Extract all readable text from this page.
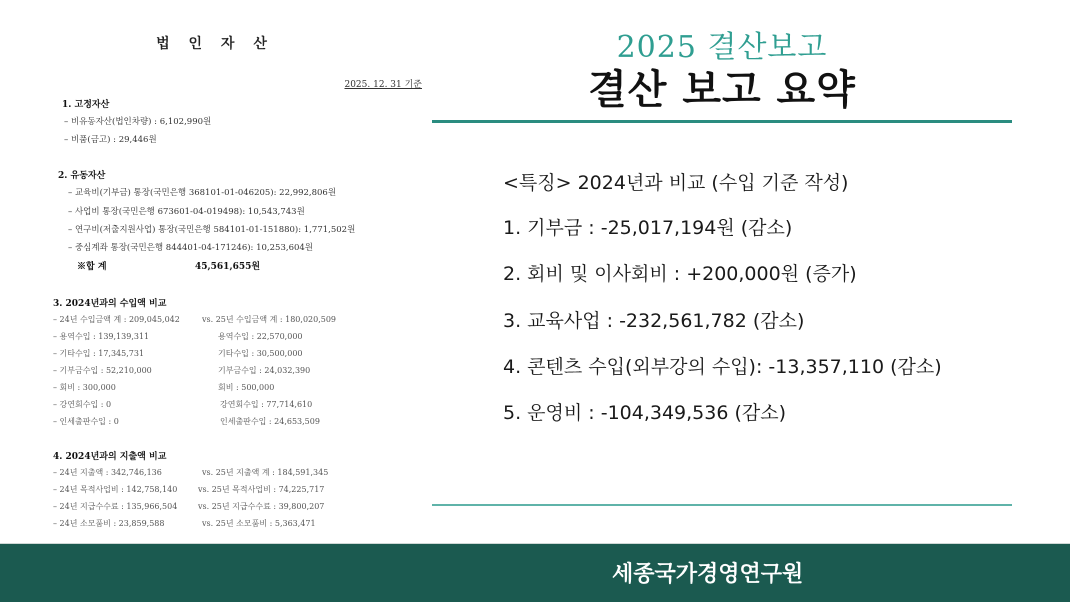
법 인 자 산
2025. 12. 31 기준
1. 고정자산
– 비유동자산(법인차량) : 6,102,990원
– 비품(금고) : 29,446원
2. 유동자산
– 교육비(기부금) 통장(국민은행 368101-01-046205): 22,992,806원
– 사업비 통장(국민은행 673601-04-019498): 10,543,743원
– 연구비(저출지원사업) 통장(국민은행 584101-01-151880): 1,771,502원
– 중심계좌 통장(국민은행 844401-04-171246): 10,253,604원
※합 계	45,561,655원
3. 2024년과의 수입액 비교
– 24년 수입금액 계 : 209,045,042	vs. 25년 수입금액 계 : 180,020,509
– 용역수입 : 139,139,311	용역수입 : 22,570,000
– 기타수입 : 17,345,731	기타수입 : 30,500,000
– 기부금수입 : 52,210,000	기부금수입 : 24,032,390
– 회비 : 300,000	회비 : 500,000
– 강연회수입 : 0	강연회수입 : 77,714,610
– 인세출판수입 : 0	인세출판수입 : 24,653,509
4. 2024년과의 지출액 비교
– 24년 지출액 : 342,746,136	vs. 25년 지출액 계 : 184,591,345
– 24년 목적사업비 : 142,758,140	vs. 25년 목적사업비 : 74,225,717
– 24년 지급수수료 : 135,966,504	vs. 25년 지급수수료 : 39,800,207
– 24년 소모품비 : 23,859,588	vs. 25년 소모품비 : 5,363,471
2025 결산보고
결산 보고 요약
<특징> 2024년과 비교 (수입 기준 작성)
1. 기부금 : -25,017,194원 (감소)
2. 회비 및 이사회비 : +200,000원 (증가)
3. 교육사업 : -232,561,782 (감소)
4. 콘텐츠 수입(외부강의 수입): -13,357,110 (감소)
5. 운영비 : -104,349,536 (감소)
세종국가경영연구원
